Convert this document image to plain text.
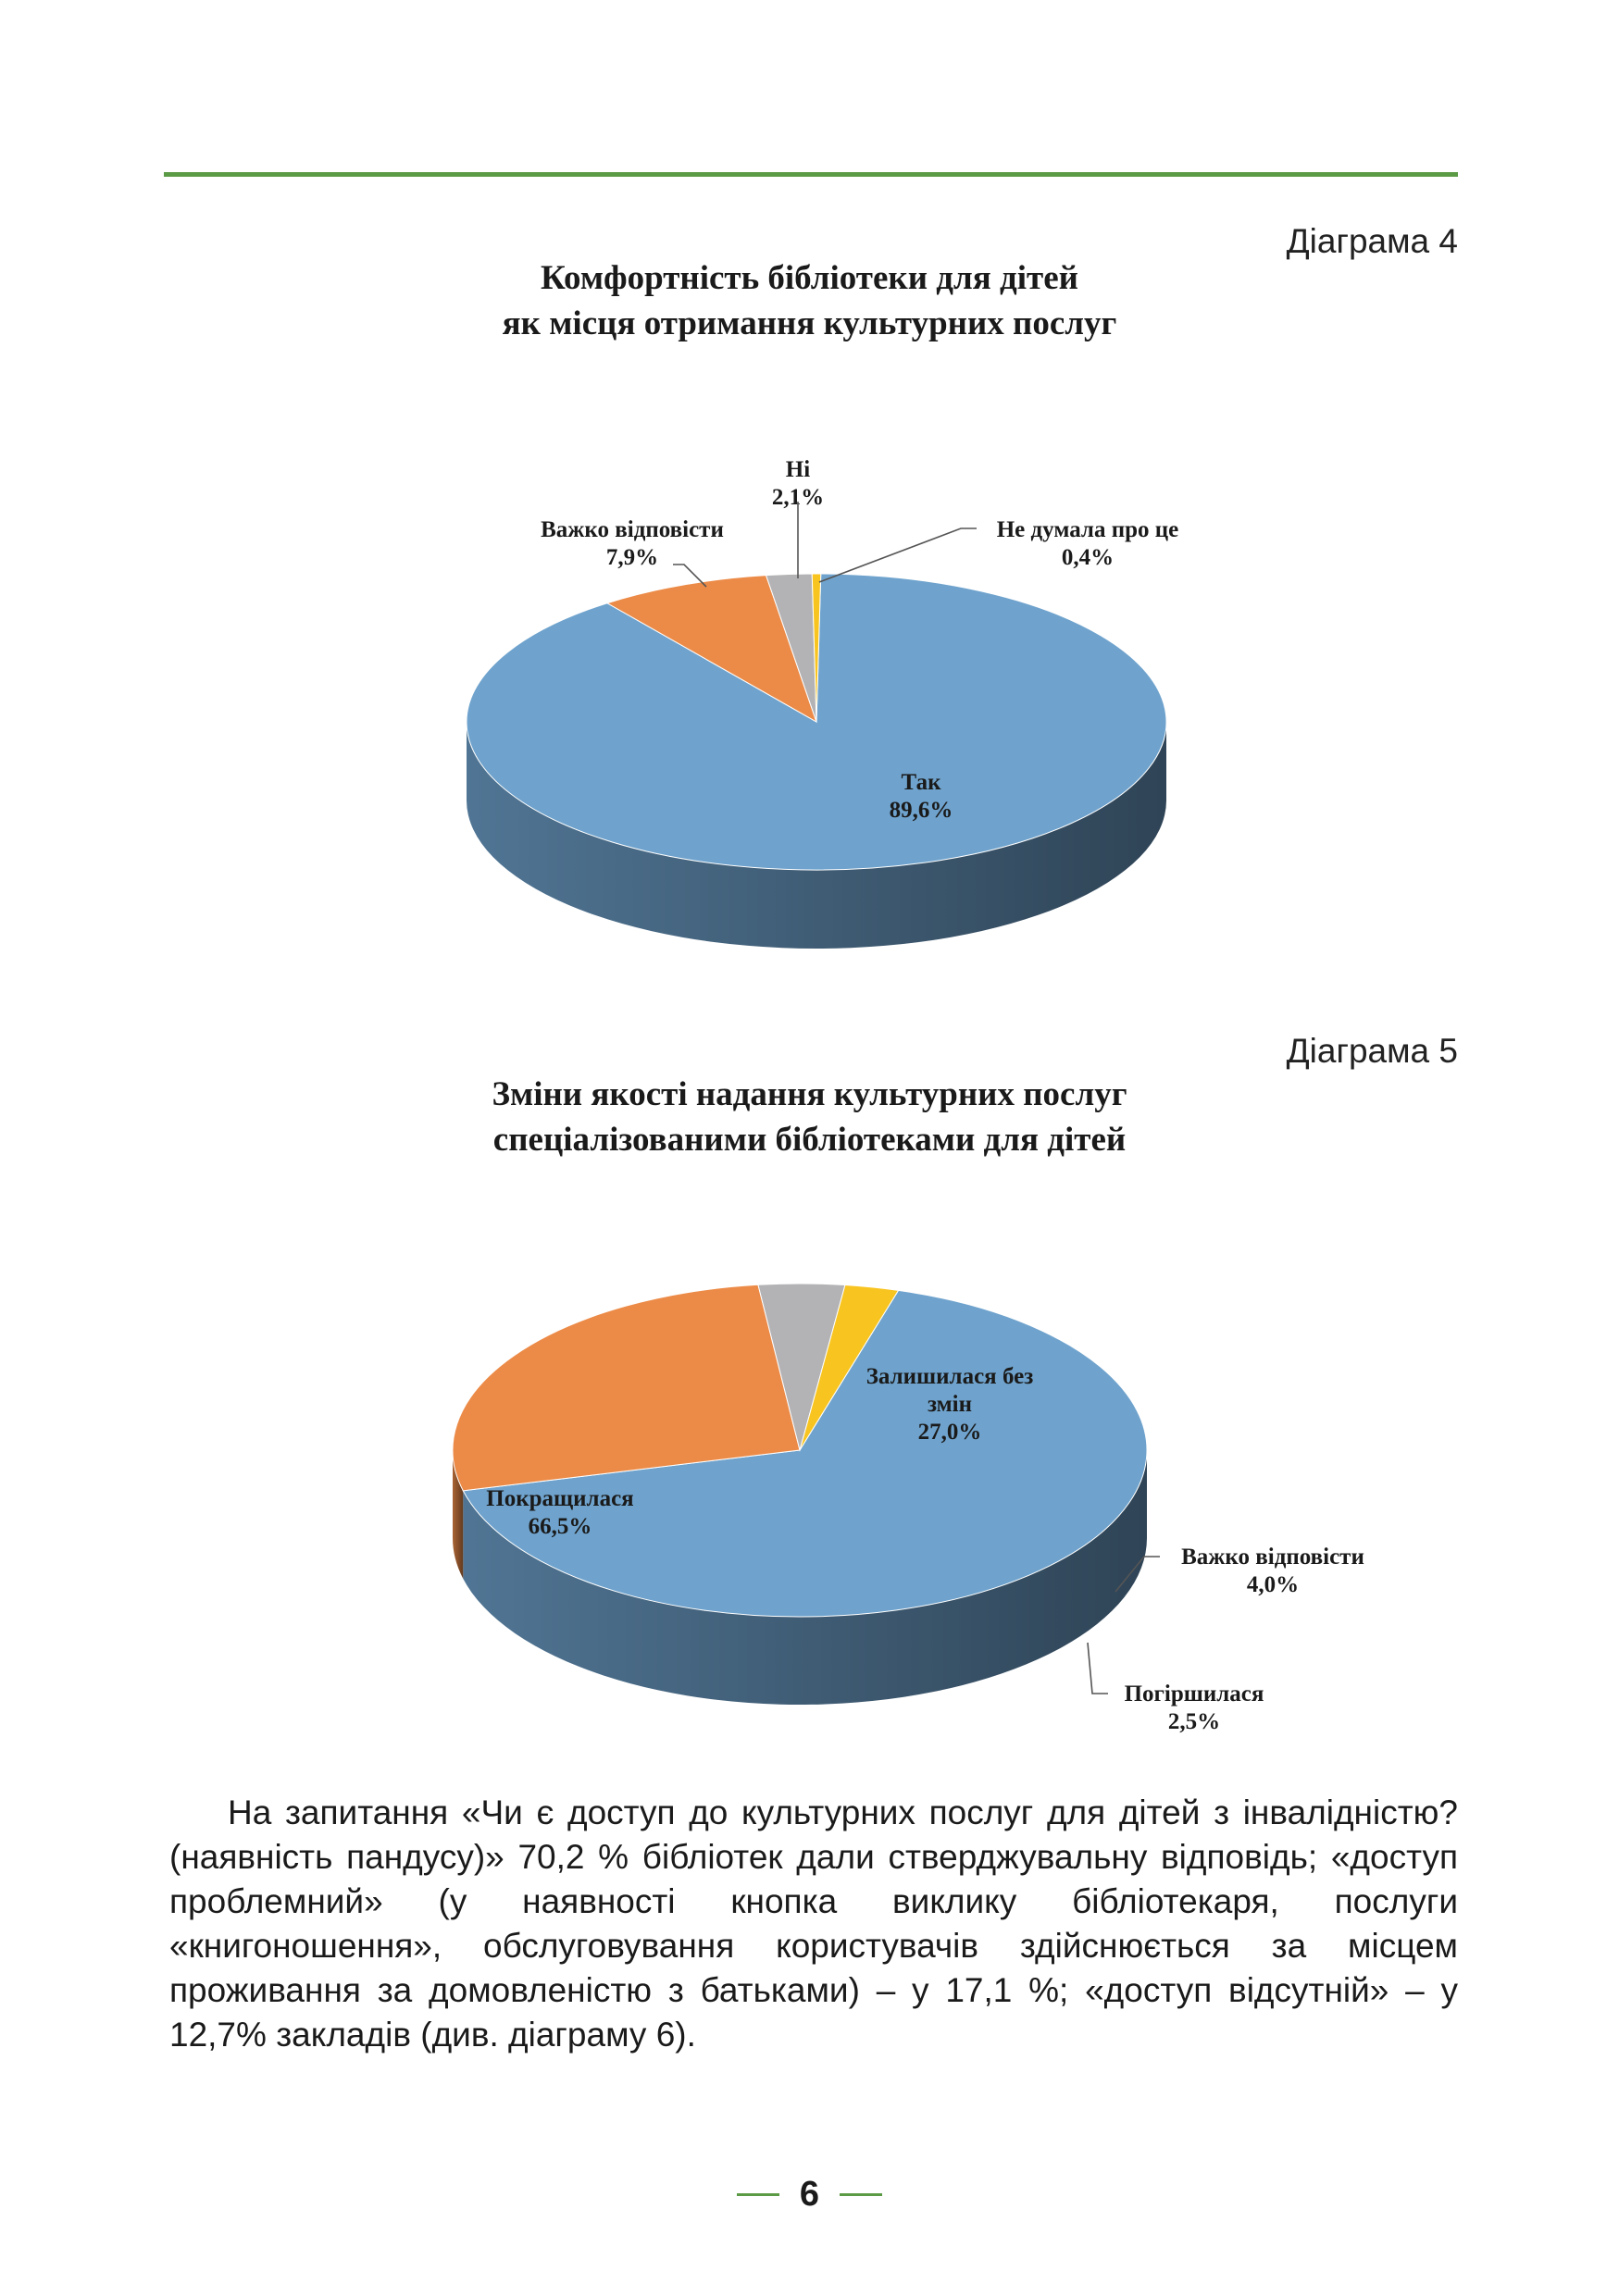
Діаграма 4
Комфортність бібліотеки для дітей
як місця отримання культурних послуг
Так 89,6%
Важко відповісти 7,9%
Ні 2,1%
Не думала про це 0,4%
Діаграма 5
Зміни якості надання культурних послуг
спеціалізованими бібліотеками для дітей
Покращилася 66,5%
Залишилася без змін 27,0%
Важко відповісти 4,0%
Погіршилася 2,5%

На запитання «Чи є доступ до культурних послуг для дітей з інвалідністю? (наявність пандусу)» 70,2 % бібліотек дали стверджувальну відповідь; «доступ проблемний» (у наявності кнопка виклику бібліотекаря, послуги «книгоношення», обслуговування користувачів здійснюється за місцем проживання за домовленістю з батьками) – у 17,1 %; «доступ відсутній» – у 12,7% закладів (див. діаграму 6).

6
